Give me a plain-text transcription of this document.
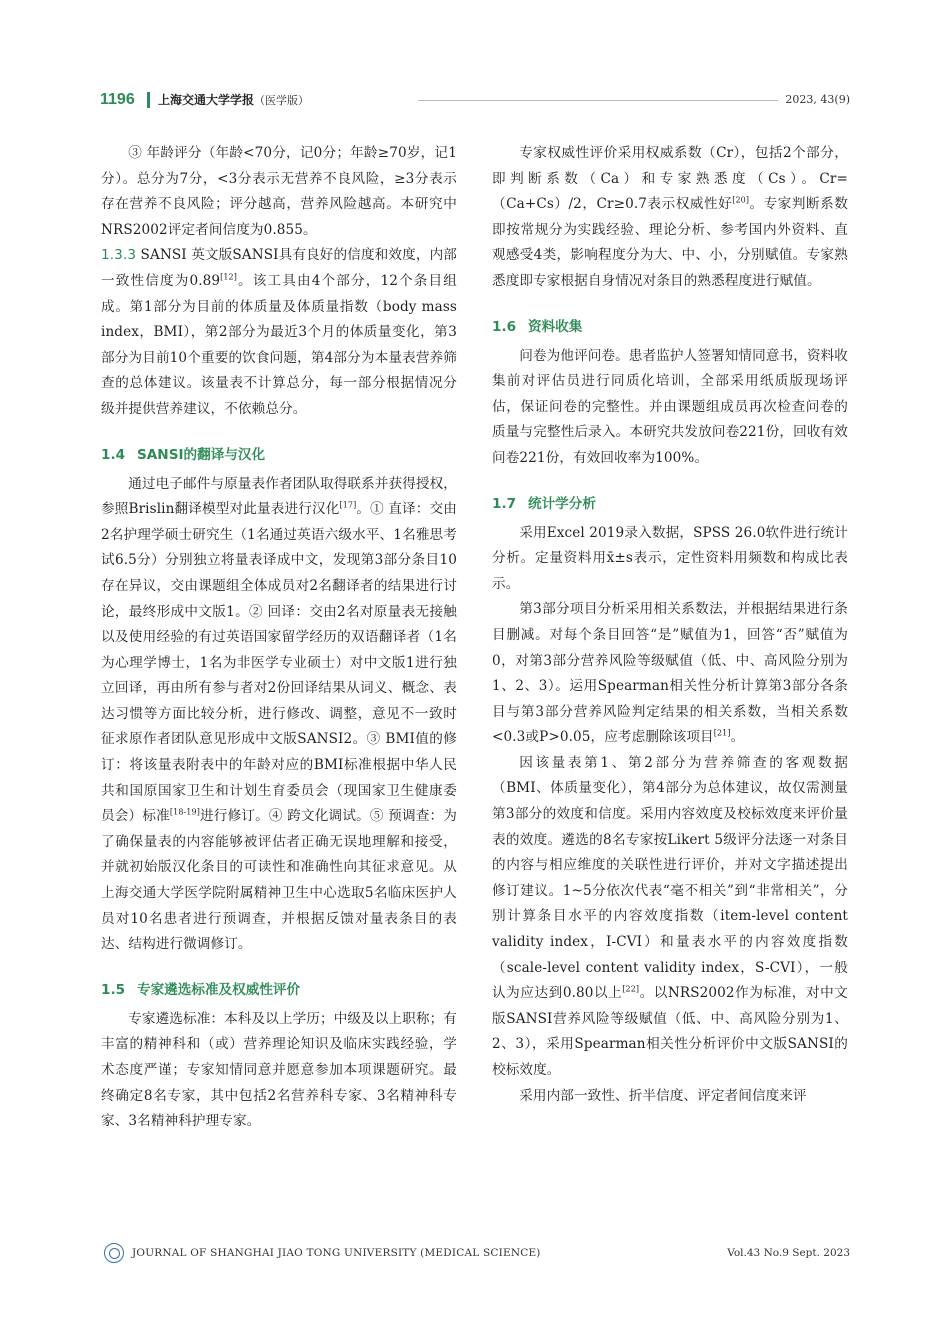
1196 上海交通大学学报（医学版）	2023, 43(9)

③ 年龄评分（年龄<70分，记0分；年龄≥70岁，记1分）。总分为7分，<3分表示无营养不良风险，≥3分表示存在营养不良风险；评分越高，营养风险越高。本研究中NRS2002评定者间信度为0.855。

1.3.3 SANSI 英文版SANSI具有良好的信度和效度，内部一致性信度为0.89[12]。该工具由4个部分，12个条目组成。第1部分为目前的体质量及体质量指数（body mass index，BMI），第2部分为最近3个月的体质量变化，第3部分为目前10个重要的饮食问题，第4部分为本量表营养筛查的总体建议。该量表不计算总分，每一部分根据情况分级并提供营养建议，不依赖总分。

1.4 SANSI的翻译与汉化

通过电子邮件与原量表作者团队取得联系并获得授权，参照Brislin翻译模型对此量表进行汉化[17]。① 直译：交由2名护理学硕士研究生（1名通过英语六级水平、1名雅思考试6.5分）分别独立将量表译成中文，发现第3部分条目10存在异议，交由课题组全体成员对2名翻译者的结果进行讨论，最终形成中文版1。② 回译：交由2名对原量表无接触以及使用经验的有过英语国家留学经历的双语翻译者（1名为心理学博士，1名为非医学专业硕士）对中文版1进行独立回译，再由所有参与者对2份回译结果从词义、概念、表达习惯等方面比较分析，进行修改、调整，意见不一致时征求原作者团队意见形成中文版SANSI2。③ BMI值的修订：将该量表附表中的年龄对应的BMI标准根据中华人民共和国原国家卫生和计划生育委员会（现国家卫生健康委员会）标准[18-19]进行修订。④ 跨文化调试。⑤ 预调查：为了确保量表的内容能够被评估者正确无误地理解和接受，并就初始版汉化条目的可读性和准确性向其征求意见。从上海交通大学医学院附属精神卫生中心选取5名临床医护人员对10名患者进行预调查，并根据反馈对量表条目的表达、结构进行微调修订。

1.5 专家遴选标准及权威性评价

专家遴选标准：本科及以上学历；中级及以上职称；有丰富的精神科和（或）营养理论知识及临床实践经验，学术态度严谨；专家知情同意并愿意参加本项课题研究。最终确定8名专家，其中包括2名营养科专家、3名精神科专家、3名精神科护理专家。

专家权威性评价采用权威系数（Cr），包括2个部分，即判断系数（Ca）和专家熟悉度（Cs）。Cr=（Ca+Cs）/2，Cr≥0.7表示权威性好[20]。专家判断系数即按常规分为实践经验、理论分析、参考国内外资料、直观感受4类，影响程度分为大、中、小，分别赋值。专家熟悉度即专家根据自身情况对条目的熟悉程度进行赋值。

1.6 资料收集

问卷为他评问卷。患者监护人签署知情同意书，资料收集前对评估员进行同质化培训，全部采用纸质版现场评估，保证问卷的完整性。并由课题组成员再次检查问卷的质量与完整性后录入。本研究共发放问卷221份，回收有效问卷221份，有效回收率为100%。

1.7 统计学分析

采用Excel 2019录入数据，SPSS 26.0软件进行统计分析。定量资料用x̄±s表示，定性资料用频数和构成比表示。

第3部分项目分析采用相关系数法，并根据结果进行条目删减。对每个条目回答“是”赋值为1，回答“否”赋值为0，对第3部分营养风险等级赋值（低、中、高风险分别为1、2、3）。运用Spearman相关性分析计算第3部分各条目与第3部分营养风险判定结果的相关系数，当相关系数<0.3或P>0.05，应考虑删除该项目[21]。

因该量表第1、第2部分为营养筛查的客观数据（BMI、体质量变化），第4部分为总体建议，故仅需测量第3部分的效度和信度。采用内容效度及校标效度来评价量表的效度。遴选的8名专家按Likert 5级评分法逐一对条目的内容与相应维度的关联性进行评价，并对文字描述提出修订建议。1~5分依次代表“毫不相关”到“非常相关”，分别计算条目水平的内容效度指数（item-level content validity index，I-CVI）和量表水平的内容效度指数（scale-level content validity index，S-CVI），一般认为应达到0.80以上[22]。以NRS2002作为标准，对中文版SANSI营养风险等级赋值（低、中、高风险分别为1、2、3），采用Spearman相关性分析评价中文版SANSI的校标效度。

采用内部一致性、折半信度、评定者间信度来评

JOURNAL OF SHANGHAI JIAO TONG UNIVERSITY (MEDICAL SCIENCE)	Vol.43 No.9 Sept. 2023
